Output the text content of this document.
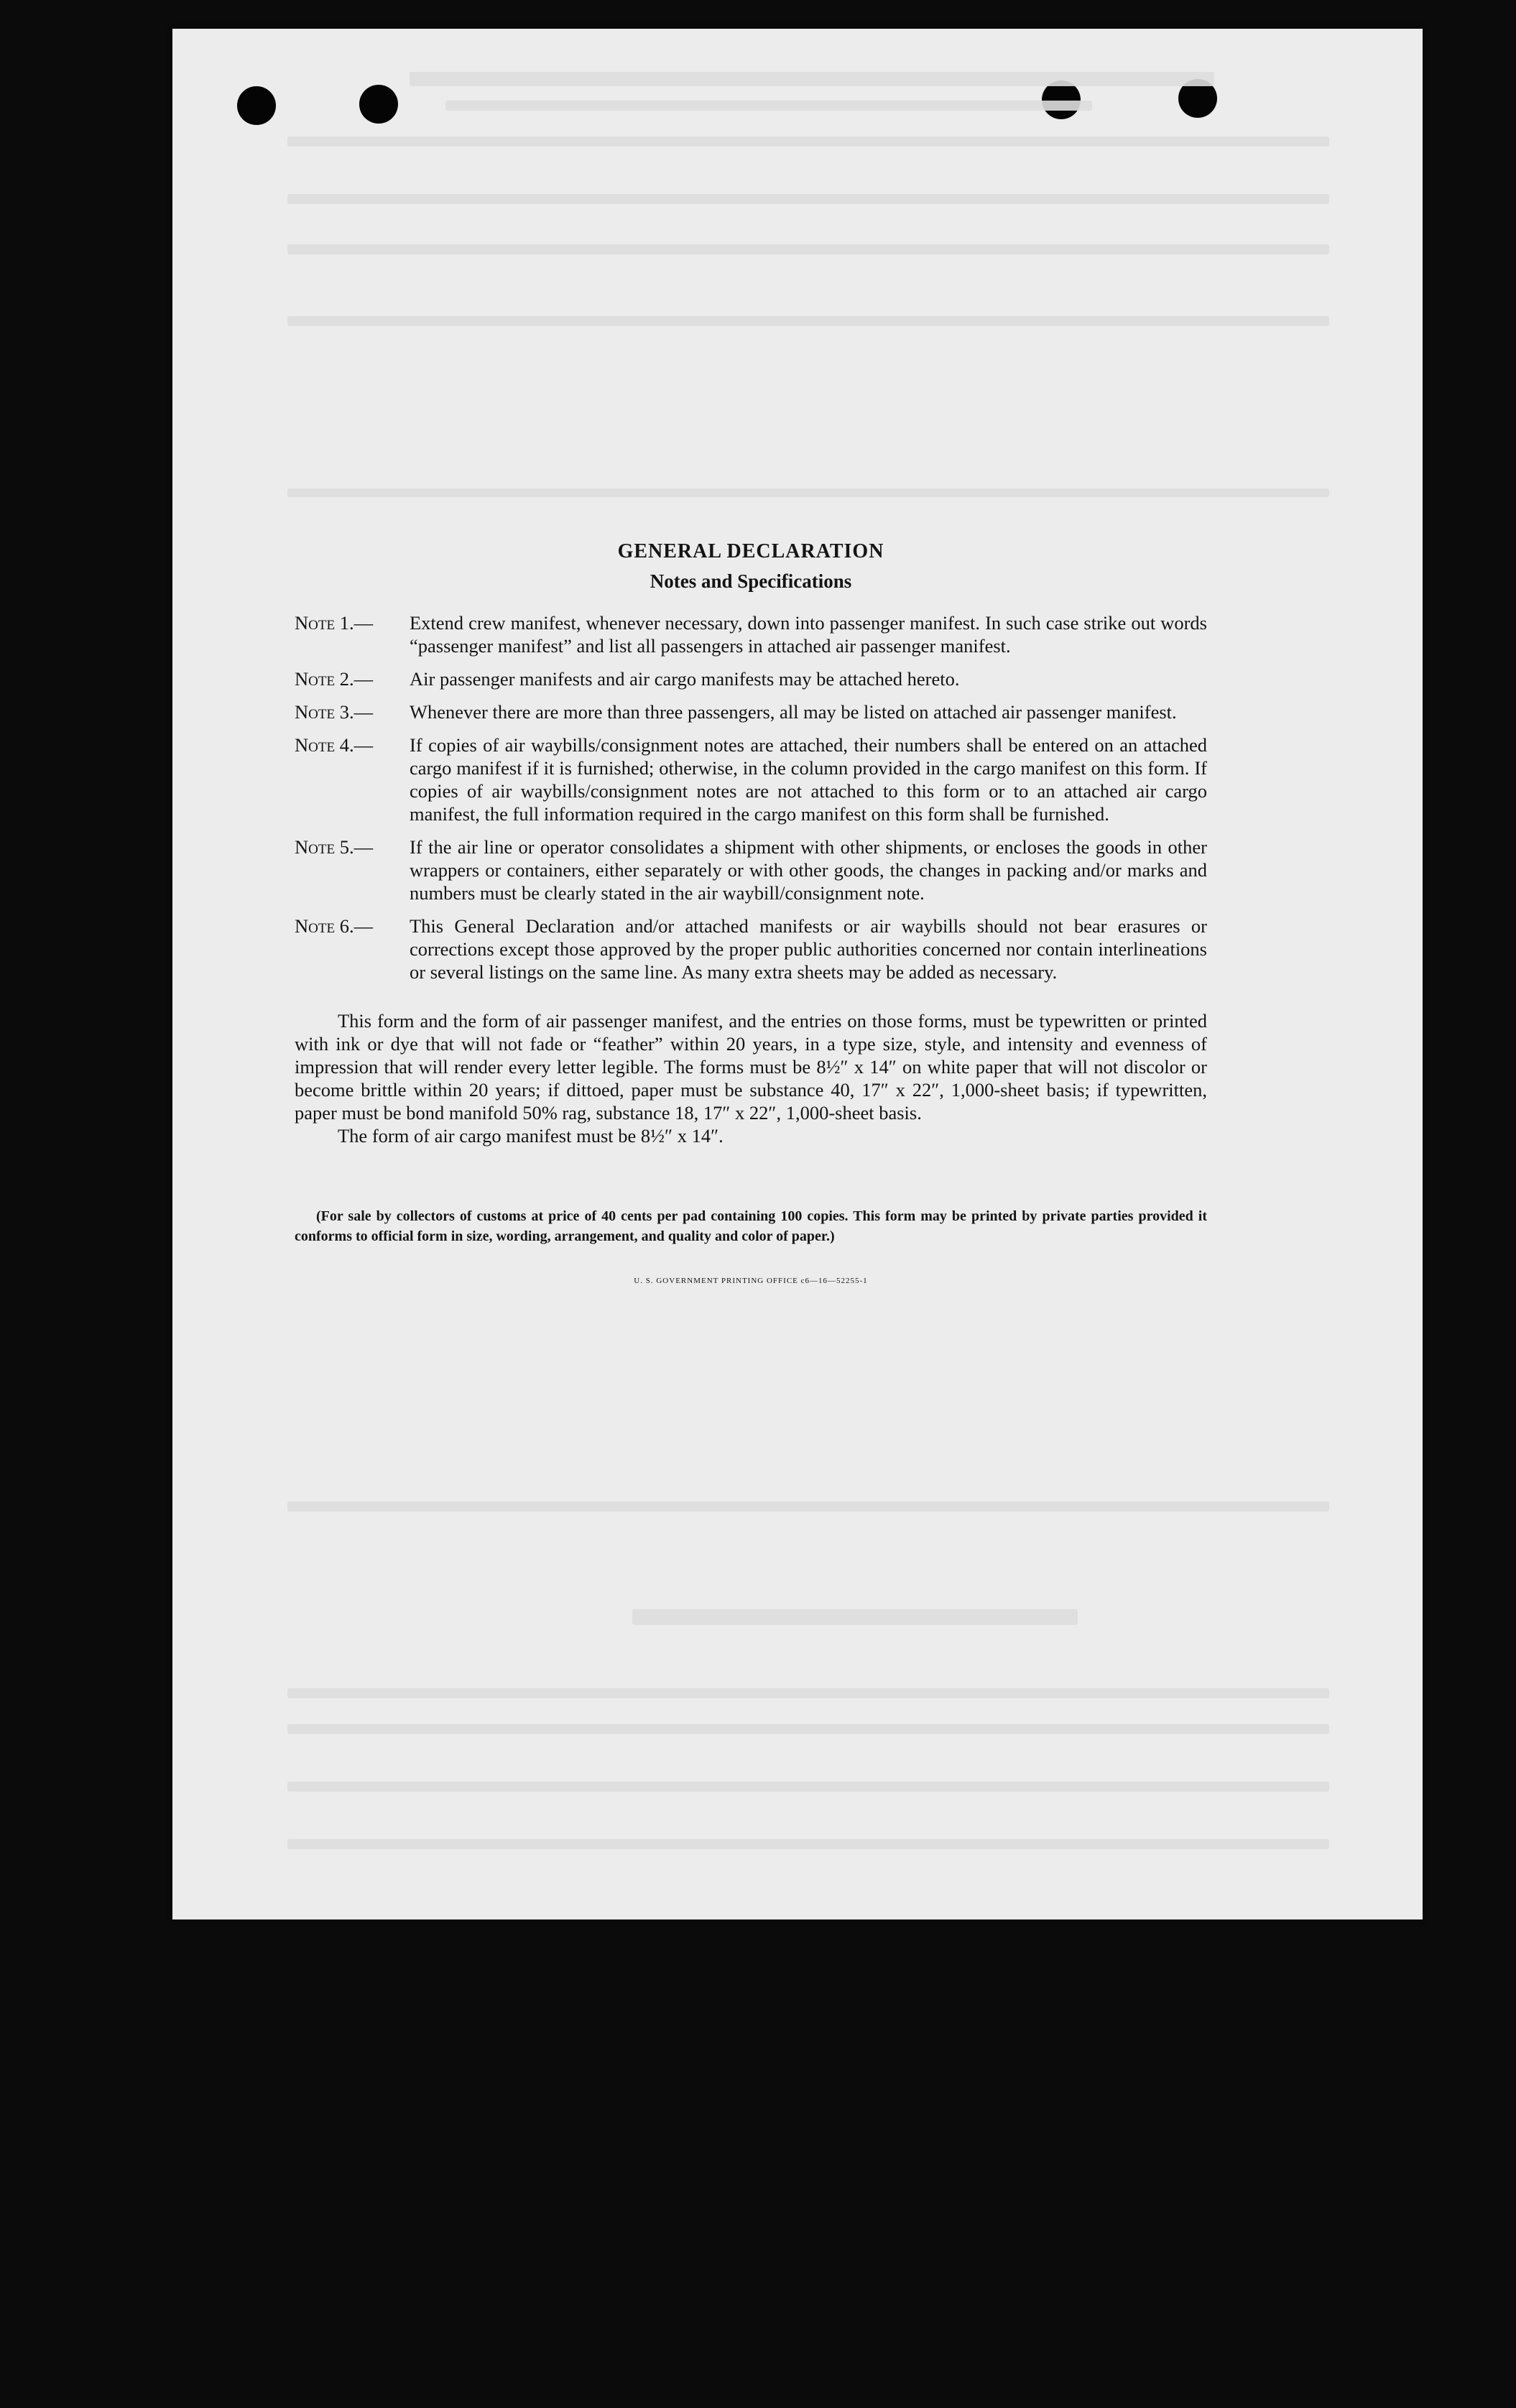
GENERAL DECLARATION
Notes and Specifications
Note 1.—	Extend crew manifest, whenever necessary, down into passenger manifest. In such case strike out words “passenger manifest” and list all passengers in attached air passenger manifest.
Note 2.—	Air passenger manifests and air cargo manifests may be attached hereto.
Note 3.—	Whenever there are more than three passengers, all may be listed on attached air passenger manifest.
Note 4.—	If copies of air waybills/consignment notes are attached, their numbers shall be entered on an attached cargo manifest if it is furnished; otherwise, in the column provided in the cargo manifest on this form. If copies of air waybills/consignment notes are not attached to this form or to an attached air cargo manifest, the full information required in the cargo manifest on this form shall be furnished.
Note 5.—	If the air line or operator consolidates a shipment with other shipments, or encloses the goods in other wrappers or containers, either separately or with other goods, the changes in packing and/or marks and numbers must be clearly stated in the air waybill/consignment note.
Note 6.—	This General Declaration and/or attached manifests or air waybills should not bear erasures or corrections except those approved by the proper public authorities concerned nor contain interlineations or several listings on the same line. As many extra sheets may be added as necessary.

This form and the form of air passenger manifest, and the entries on those forms, must be typewritten or printed with ink or dye that will not fade or “feather” within 20 years, in a type size, style, and intensity and evenness of impression that will render every letter legible. The forms must be 8½″ x 14″ on white paper that will not discolor or become brittle within 20 years; if dittoed, paper must be substance 40, 17″ x 22″, 1,000-sheet basis; if typewritten, paper must be bond manifold 50% rag, substance 18, 17″ x 22″, 1,000-sheet basis.

The form of air cargo manifest must be 8½″ x 14″.

(For sale by collectors of customs at price of 40 cents per pad containing 100 copies. This form may be printed by private parties provided it conforms to official form in size, wording, arrangement, and quality and color of paper.)

U. S. GOVERNMENT PRINTING OFFICE c6—16—52255-1
